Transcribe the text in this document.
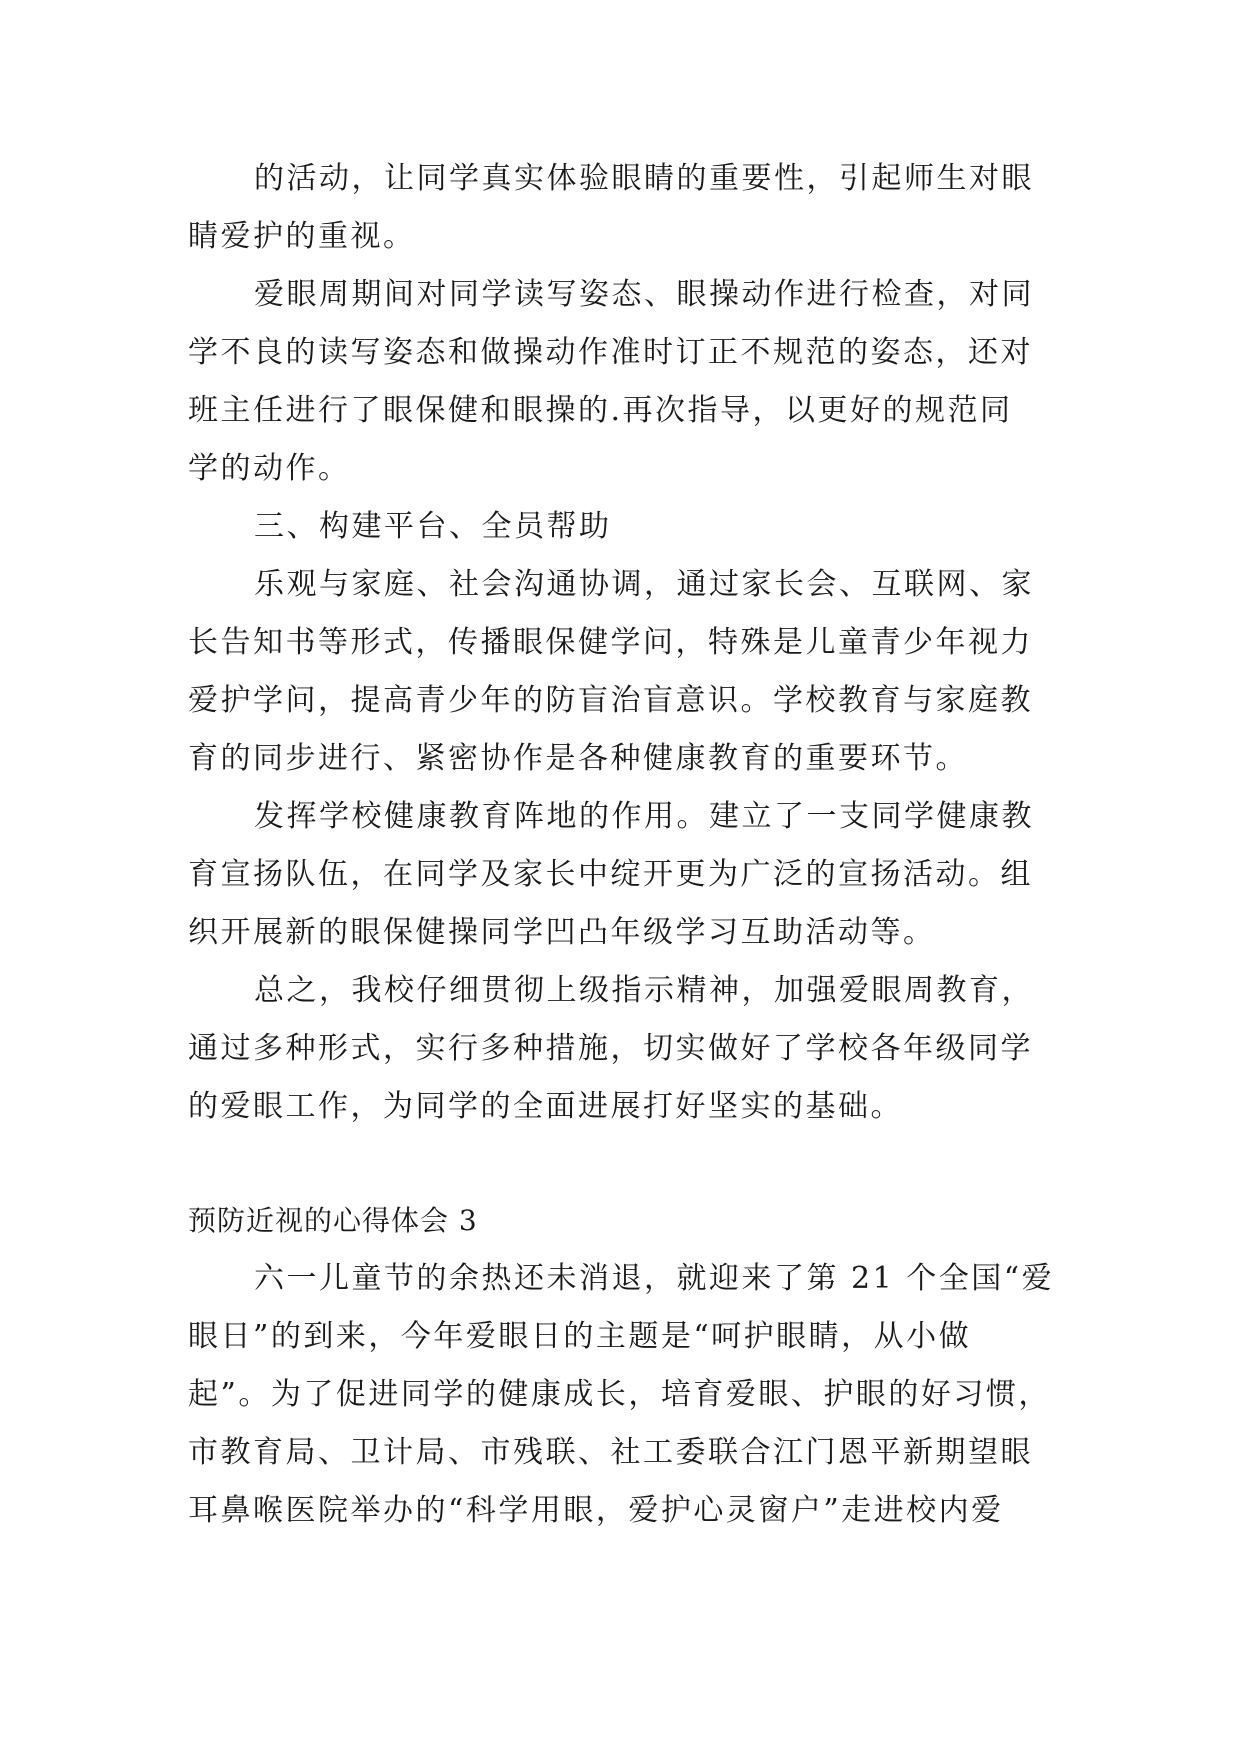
的活动，让同学真实体验眼睛的重要性，引起师生对眼
睛爱护的重视。
爱眼周期间对同学读写姿态、眼操动作进行检查，对同
学不良的读写姿态和做操动作准时订正不规范的姿态，还对
班主任进行了眼保健和眼操的.再次指导，以更好的规范同
学的动作。
三、构建平台、全员帮助
乐观与家庭、社会沟通协调，通过家长会、互联网、家
长告知书等形式，传播眼保健学问，特殊是儿童青少年视力
爱护学问，提高青少年的防盲治盲意识。学校教育与家庭教
育的同步进行、紧密协作是各种健康教育的重要环节。
发挥学校健康教育阵地的作用。建立了一支同学健康教
育宣扬队伍，在同学及家长中绽开更为广泛的宣扬活动。组
织开展新的眼保健操同学凹凸年级学习互助活动等。
总之，我校仔细贯彻上级指示精神，加强爱眼周教育，
通过多种形式，实行多种措施，切实做好了学校各年级同学
的爱眼工作，为同学的全面进展打好坚实的基础。
预防近视的心得体会 3
六一儿童节的余热还未消退，就迎来了第 21 个全国“爱
眼日”的到来，今年爱眼日的主题是“呵护眼睛，从小做
起”。为了促进同学的健康成长，培育爱眼、护眼的好习惯，
市教育局、卫计局、市残联、社工委联合江门恩平新期望眼
耳鼻喉医院举办的“科学用眼，爱护心灵窗户”走进校内爱
